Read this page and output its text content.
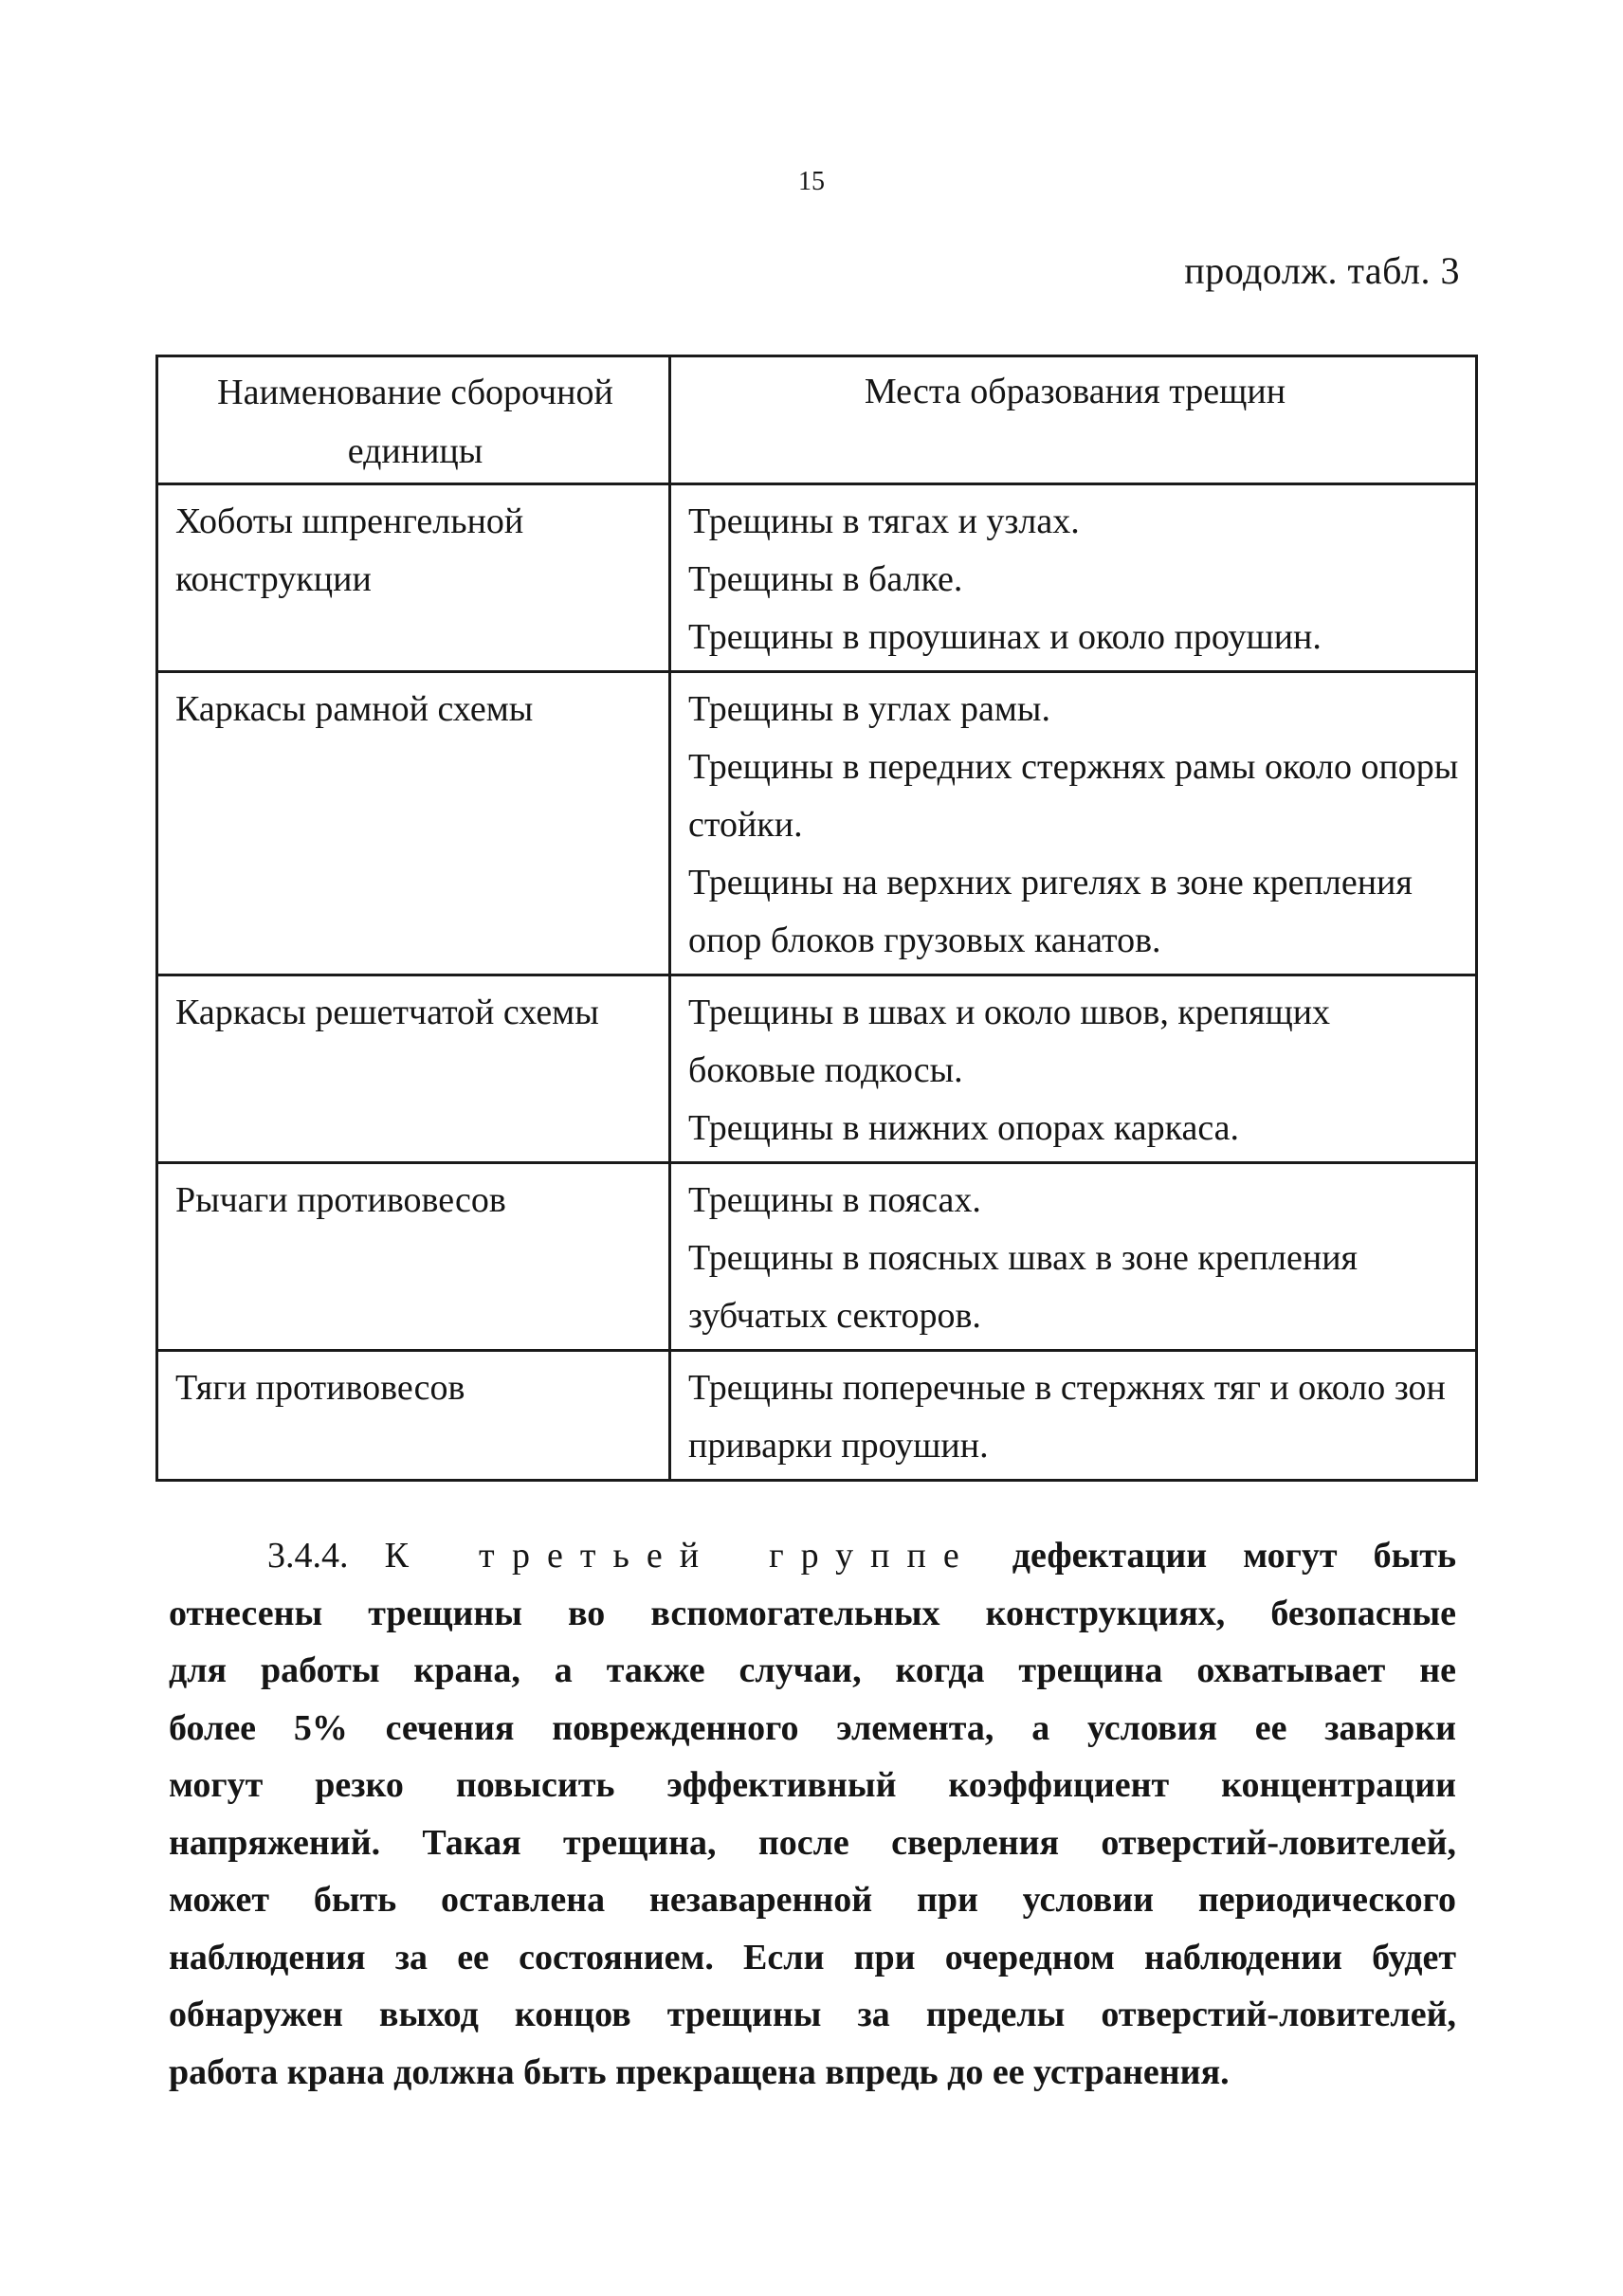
15
продолж. табл. 3
Наименование сборочной единицы	Места образования трещин
Хоботы шпренгельной конструкции	Трещины в тягах и узлах.
Трещины в балке.
Трещины в проушинах и около проушин.

Каркасы рамной схемы	Трещины в углах рамы.
Трещины в передних стержнях рамы около опоры стойки.
Трещины на верхних ригелях в зоне крепления опор блоков грузовых канатов.

Каркасы решетчатой схемы	Трещины в швах и около швов, крепящих боковые подкосы.
Трещины в нижних опорах каркаса.

Рычаги противовесов	Трещины в поясах.
Трещины в поясных швах в зоне крепления зубчатых секторов.

Тяги противовесов	Трещины поперечные в стержнях тяг и около зон приварки проушин.
3.4.4. К третьей группе дефектации могут быть
отнесены трещины во вспомогательных конструкциях, безопасные
для работы крана, а также случаи, когда трещина охватывает не
более 5% сечения поврежденного элемента, а условия ее заварки
могут резко повысить эффективный коэффициент концентрации
напряжений. Такая трещина, после сверления отверстий-ловителей,
может быть оставлена незаваренной при условии периодического
наблюдения за ее состоянием. Если при очередном наблюдении будет
обнаружен выход концов трещины за пределы отверстий-ловителей,
работа крана должна быть прекращена впредь до ее устранения.
